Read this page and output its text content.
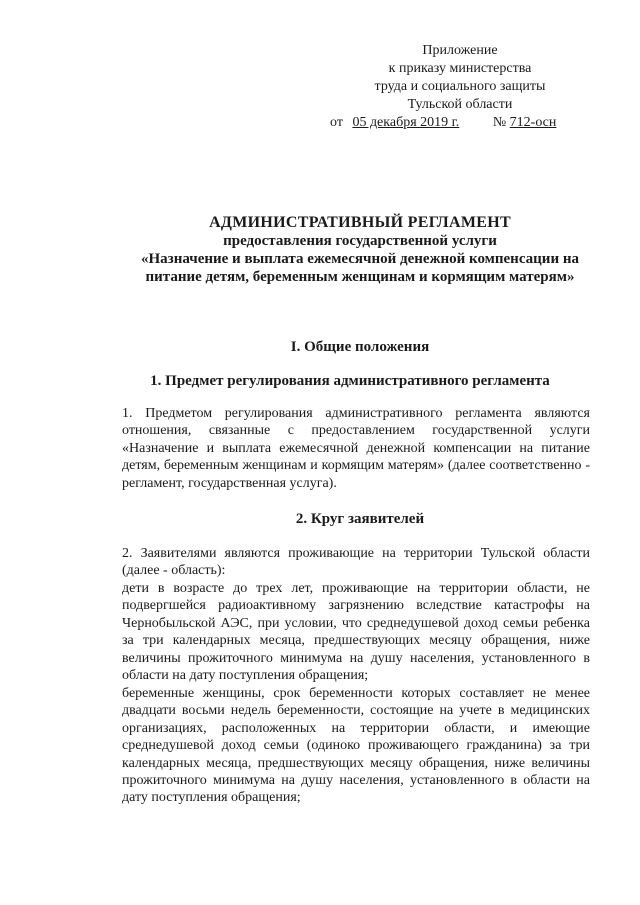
Приложение
к приказу министерства
труда и социального защиты
Тульской области
от 05 декабря 2019 г. № 712-осн
АДМИНИСТРАТИВНЫЙ РЕГЛАМЕНТ
предоставления государственной услуги
«Назначение и выплата ежемесячной денежной компенсации на
питание детям, беременным женщинам и кормящим матерям»
I. Общие положения
1. Предмет регулирования административного регламента
1. Предметом регулирования административного регламента являются отношения, связанные с предоставлением государственной услуги «Назначение и выплата ежемесячной денежной компенсации на питание детям, беременным женщинам и кормящим матерям» (далее соответственно - регламент, государственная услуга).
2. Круг заявителей
2. Заявителями являются проживающие на территории Тульской области (далее - область):
дети в возрасте до трех лет, проживающие на территории области, не подвергшейся радиоактивному загрязнению вследствие катастрофы на Чернобыльской АЭС, при условии, что среднедушевой доход семьи ребенка за три календарных месяца, предшествующих месяцу обращения, ниже величины прожиточного минимума на душу населения, установленного в области на дату поступления обращения;
беременные женщины, срок беременности которых составляет не менее двадцати восьми недель беременности, состоящие на учете в медицинских организациях, расположенных на территории области, и имеющие среднедушевой доход семьи (одиноко проживающего гражданина) за три календарных месяца, предшествующих месяцу обращения, ниже величины прожиточного минимума на душу населения, установленного в области на дату поступления обращения;
